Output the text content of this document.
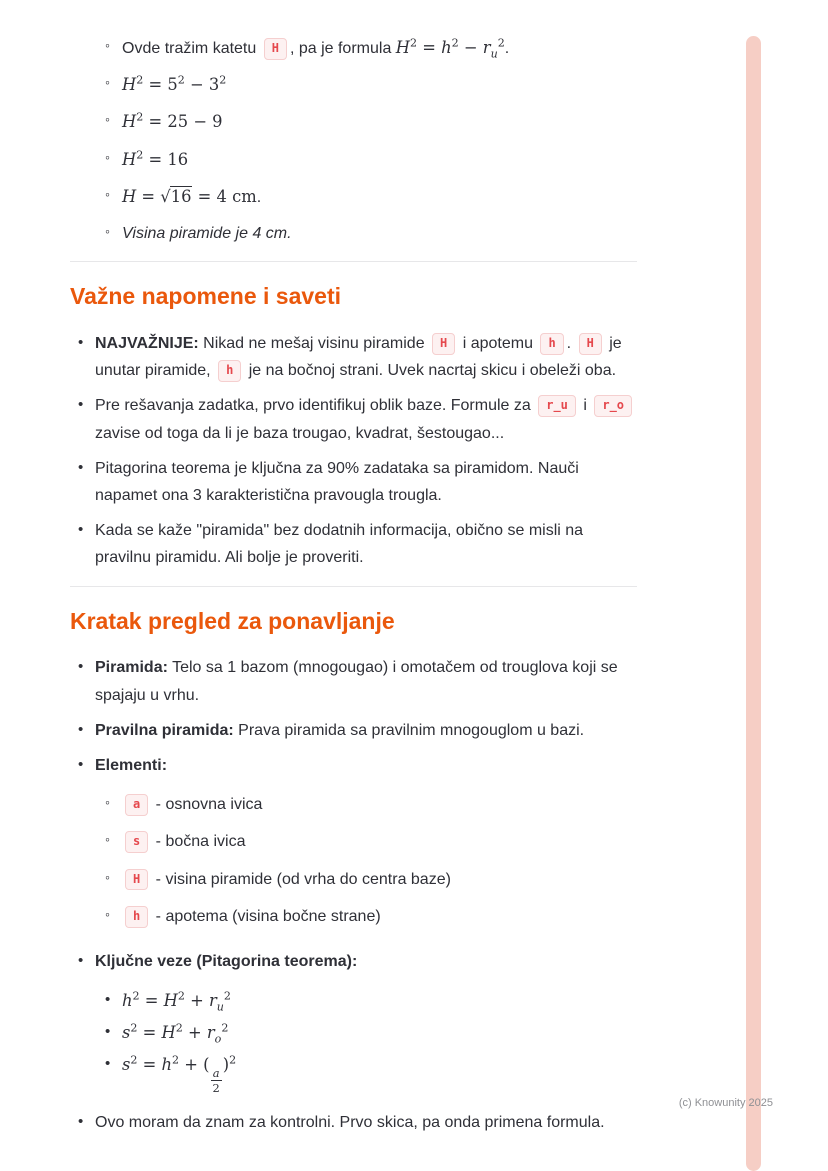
◦ Ovde tražim katetu H , pa je formula $H^2 = h^2 - r_u^2$.
◦ $H^2 = 5^2 - 3^2$
◦ $H^2 = 25 - 9$
◦ $H^2 = 16$
◦ H = √16 = 4 cm.
◦ Visina piramide je 4 cm.
Važne napomene i saveti
• NAJVAŽNIJE: Nikad ne mešaj visinu piramide H i apotemu h . H je unutar piramide, h je na bočnoj strani. Uvek nacrtaj skicu i obeleži oba.
• Pre rešavanja zadatka, prvo identifikuj oblik baze. Formule za r_u i r_o zavise od toga da li je baza trougao, kvadrat, šestougao...
• Pitagorina teorema je ključna za 90% zadataka sa piramidom. Nauči napamet ona 3 karakteristična pravougla trougla.
• Kada se kaže "piramida" bez dodatnih informacija, obično se misli na pravilnu piramidu. Ali bolje je proveriti.
Kratak pregled za ponavljanje
• Piramida: Telo sa 1 bazom (mnogougao) i omotačem od trouglova koji se spajaju u vrhu.
• Pravilna piramida: Prava piramida sa pravilnim mnogouglom u bazi.
• Elementi:
◦	a - osnovna ivica
◦	s - bočna ivica
◦	H - visina piramide (od vrha do centra baze)
◦	h - apotema (visina bočne strane)
• Ključne veze (Pitagorina teorema):
• $h^2 = H^2 + r_u^2$
• $s^2 = H^2 + r_o^2$
• $s^2 = h^2$ + (
$\frac{a}{2}$
)$^2$
• Ovo moram da znam za kontrolni. Prvo skica, pa onda primena formula.
(c) Knowunity 2025
